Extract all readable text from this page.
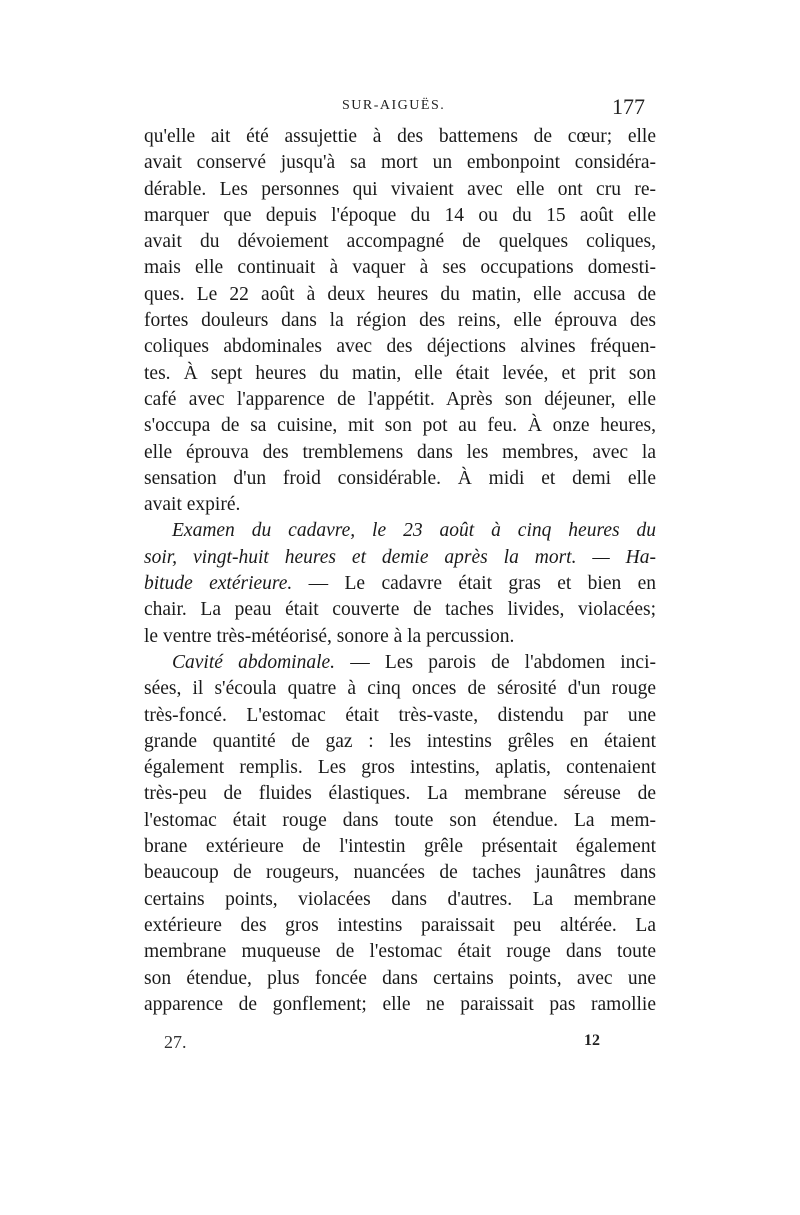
SUR-AIGUËS.	177
qu'elle ait été assujettie à des battemens de cœur; elle
avait conservé jusqu'à sa mort un embonpoint considéra-
dérable. Les personnes qui vivaient avec elle ont cru re-
marquer que depuis l'époque du 14 ou du 15 août elle
avait du dévoiement accompagné de quelques coliques,
mais elle continuait à vaquer à ses occupations domesti-
ques. Le 22 août à deux heures du matin, elle accusa de
fortes douleurs dans la région des reins, elle éprouva des
coliques abdominales avec des déjections alvines fréquen-
tes. À sept heures du matin, elle était levée, et prit son
café avec l'apparence de l'appétit. Après son déjeuner, elle
s'occupa de sa cuisine, mit son pot au feu. À onze heures,
elle éprouva des tremblemens dans les membres, avec la
sensation d'un froid considérable. À midi et demi elle
avait expiré.
Examen du cadavre, le 23 août à cinq heures du
soir, vingt-huit heures et demie après la mort. — Ha-
bitude extérieure. — Le cadavre était gras et bien en
chair. La peau était couverte de taches livides, violacées;
le ventre très-météorisé, sonore à la percussion.
Cavité abdominale. — Les parois de l'abdomen inci-
sées, il s'écoula quatre à cinq onces de sérosité d'un rouge
très-foncé. L'estomac était très-vaste, distendu par une
grande quantité de gaz : les intestins grêles en étaient
également remplis. Les gros intestins, aplatis, contenaient
très-peu de fluides élastiques. La membrane séreuse de
l'estomac était rouge dans toute son étendue. La mem-
brane extérieure de l'intestin grêle présentait également
beaucoup de rougeurs, nuancées de taches jaunâtres dans
certains points, violacées dans d'autres. La membrane
extérieure des gros intestins paraissait peu altérée. La
membrane muqueuse de l'estomac était rouge dans toute
son étendue, plus foncée dans certains points, avec une
apparence de gonflement; elle ne paraissait pas ramollie
27.	12
